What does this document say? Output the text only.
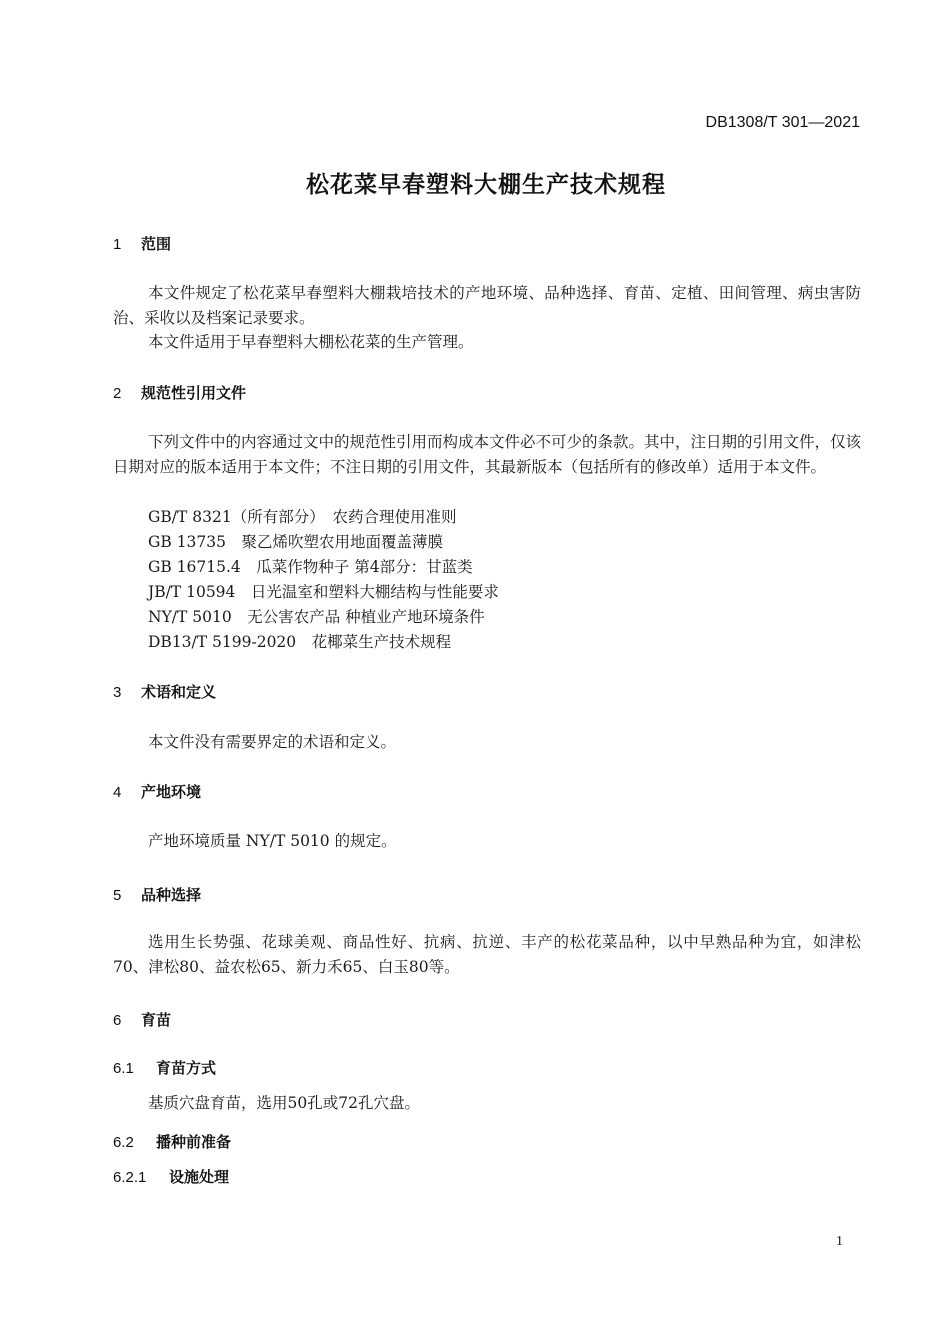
DB1308/T 301—2021
松花菜早春塑料大棚生产技术规程
1 范围
本文件规定了松花菜早春塑料大棚栽培技术的产地环境、品种选择、育苗、定植、田间管理、病虫害防治、采收以及档案记录要求。
本文件适用于早春塑料大棚松花菜的生产管理。
2 规范性引用文件
下列文件中的内容通过文中的规范性引用而构成本文件必不可少的条款。其中，注日期的引用文件，仅该日期对应的版本适用于本文件；不注日期的引用文件，其最新版本（包括所有的修改单）适用于本文件。
GB/T 8321（所有部分）　农药合理使用准则
GB 13735　聚乙烯吹塑农用地面覆盖薄膜
GB 16715.4　瓜菜作物种子 第4部分：甘蓝类
JB/T 10594　日光温室和塑料大棚结构与性能要求
NY/T 5010　无公害农产品 种植业产地环境条件
DB13/T 5199-2020　花椰菜生产技术规程
3 术语和定义
本文件没有需要界定的术语和定义。
4 产地环境
产地环境质量 NY/T 5010 的规定。
5 品种选择
选用生长势强、花球美观、商品性好、抗病、抗逆、丰产的松花菜品种，以中早熟品种为宜，如津松70、津松80、益农松65、新力禾65、白玉80等。
6 育苗
6.1 育苗方式
基质穴盘育苗，选用50孔或72孔穴盘。
6.2 播种前准备
6.2.1 设施处理
1
